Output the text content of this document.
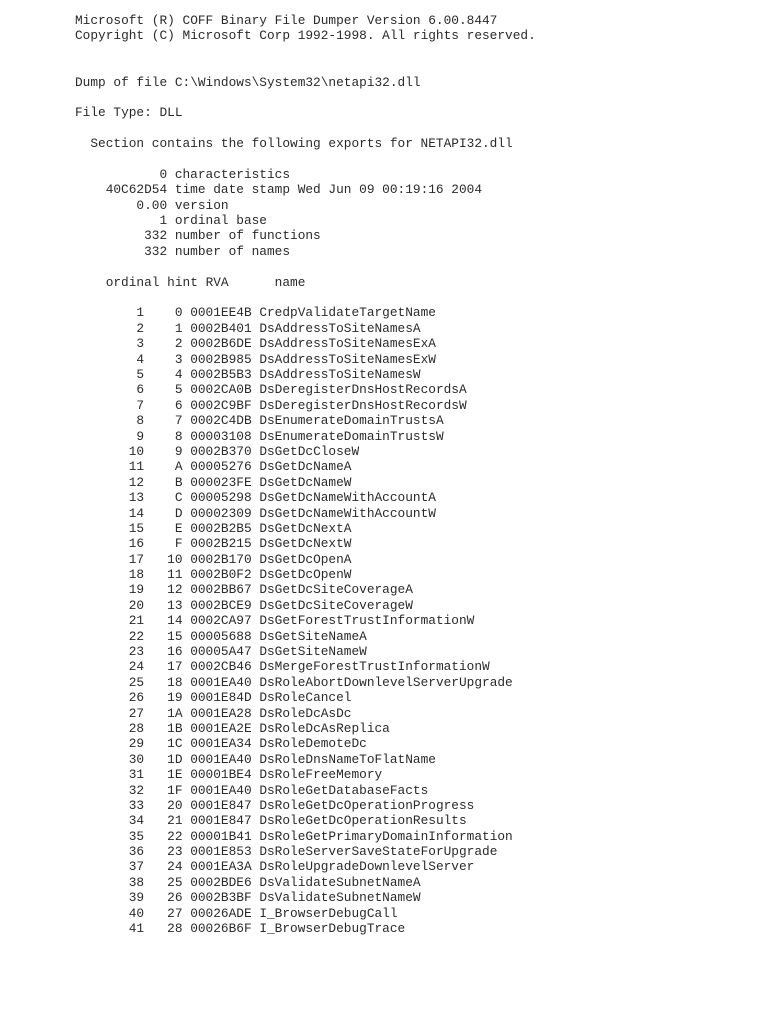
Microsoft (R) COFF Binary File Dumper Version 6.00.8447
Copyright (C) Microsoft Corp 1992-1998. All rights reserved.
Dump of file C:\Windows\System32\netapi32.dll
File Type: DLL
Section contains the following exports for NETAPI32.dll
0 characteristics
40C62D54 time date stamp Wed Jun 09 00:19:16 2004
0.00 version
1 ordinal base
332 number of functions
332 number of names
ordinal hint RVA	name
1 0 0001EE4B CredpValidateTargetName
2 1 0002B401 DsAddressToSiteNamesA
3 2 0002B6DE DsAddressToSiteNamesExA
4 3 0002B985 DsAddressToSiteNamesExW
5 4 0002B5B3 DsAddressToSiteNamesW
6 5 0002CA0B DsDeregisterDnsHostRecordsA
7 6 0002C9BF DsDeregisterDnsHostRecordsW
8 7 0002C4DB DsEnumerateDomainTrustsA
9 8 00003108 DsEnumerateDomainTrustsW
10 9 0002B370 DsGetDcCloseW
11 A 00005276 DsGetDcNameA
12 B 000023FE DsGetDcNameW
13 C 00005298 DsGetDcNameWithAccountA
14 D 00002309 DsGetDcNameWithAccountW
15 E 0002B2B5 DsGetDcNextA
16 F 0002B215 DsGetDcNextW
17 10 0002B170 DsGetDcOpenA
18 11 0002B0F2 DsGetDcOpenW
19 12 0002BB67 DsGetDcSiteCoverageA
20 13 0002BCE9 DsGetDcSiteCoverageW
21 14 0002CA97 DsGetForestTrustInformationW
22 15 00005688 DsGetSiteNameA
23 16 00005A47 DsGetSiteNameW
24 17 0002CB46 DsMergeForestTrustInformationW
25 18 0001EA40 DsRoleAbortDownlevelServerUpgrade
26 19 0001E84D DsRoleCancel
27 1A 0001EA28 DsRoleDcAsDc
28 1B 0001EA2E DsRoleDcAsReplica
29 1C 0001EA34 DsRoleDemoteDc
30 1D 0001EA40 DsRoleDnsNameToFlatName
31 1E 00001BE4 DsRoleFreeMemory
32 1F 0001EA40 DsRoleGetDatabaseFacts
33 20 0001E847 DsRoleGetDcOperationProgress
34 21 0001E847 DsRoleGetDcOperationResults
35 22 00001B41 DsRoleGetPrimaryDomainInformation
36 23 0001E853 DsRoleServerSaveStateForUpgrade
37 24 0001EA3A DsRoleUpgradeDownlevelServer
38 25 0002BDE6 DsValidateSubnetNameA
39 26 0002B3BF DsValidateSubnetNameW
40 27 00026ADE I_BrowserDebugCall
41 28 00026B6F I_BrowserDebugTrace
